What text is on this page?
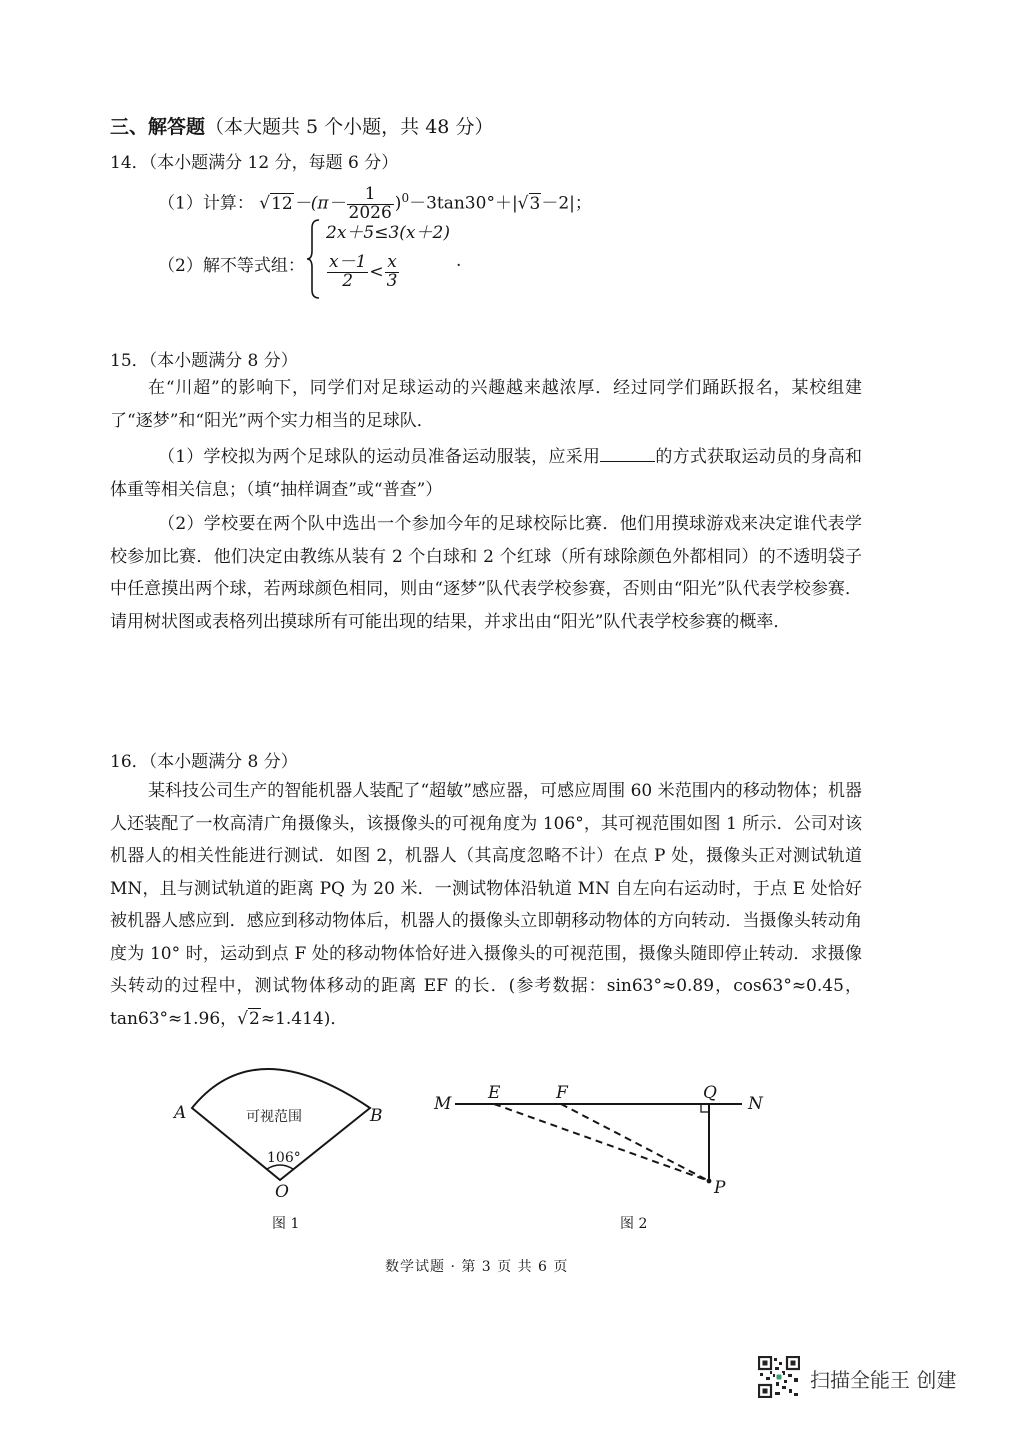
三、解答题（本大题共 5 个小题，共 48 分）
14．（本小题满分 12 分，每题 6 分）
（1）计算： $√12-(\pi- \frac{1}{2026} )^0-3\tan 30^\circ+|√3-2|$；
（2）解不等式组：
2x＋5≤3(x＋2)
$\frac{x-1}{2} < \frac{x}{3}$	.
15．（本小题满分 8 分）
在“川超”的影响下，同学们对足球运动的兴趣越来越浓厚．经过同学们踊跃报名，某校组建了“逐梦”和“阳光”两个实力相当的足球队．
（1）学校拟为两个足球队的运动员准备运动服装，应采用	的方式获取运动员的身高和体重等相关信息；（填“抽样调查”或“普查”）
（2）学校要在两个队中选出一个参加今年的足球校际比赛．他们用摸球游戏来决定谁代表学校参加比赛．他们决定由教练从装有 2 个白球和 2 个红球（所有球除颜色外都相同）的不透明袋子中任意摸出两个球，若两球颜色相同，则由“逐梦”队代表学校参赛，否则由“阳光”队代表学校参赛．请用树状图或表格列出摸球所有可能出现的结果，并求出由“阳光”队代表学校参赛的概率．
16．（本小题满分 8 分）
某科技公司生产的智能机器人装配了“超敏”感应器，可感应周围 60 米范围内的移动物体；机器人还装配了一枚高清广角摄像头，该摄像头的可视角度为 106°，其可视范围如图 1 所示．公司对该机器人的相关性能进行测试．如图 2，机器人（其高度忽略不计）在点 P 处，摄像头正对测试轨道 MN，且与测试轨道的距离 PQ 为 20 米．一测试物体沿轨道 MN 自左向右运动时，于点 E 处恰好被机器人感应到．感应到移动物体后，机器人的摄像头立即朝移动物体的方向转动．当摄像头转动角度为 10° 时，运动到点 F 处的移动物体恰好进入摄像头的可视范围，摄像头随即停止转动．求摄像头转动的过程中，测试物体移动的距离 EF 的长．(参考数据：sin63°≈0.89，cos63°≈0.45，tan63°≈1.96，√2≈1.414)．
A	B
O
可视范围
106°
图 1
M
E	F	Q
N
P
图 2
数学试题 · 第 3 页 共 6 页
扫描全能王 创建
